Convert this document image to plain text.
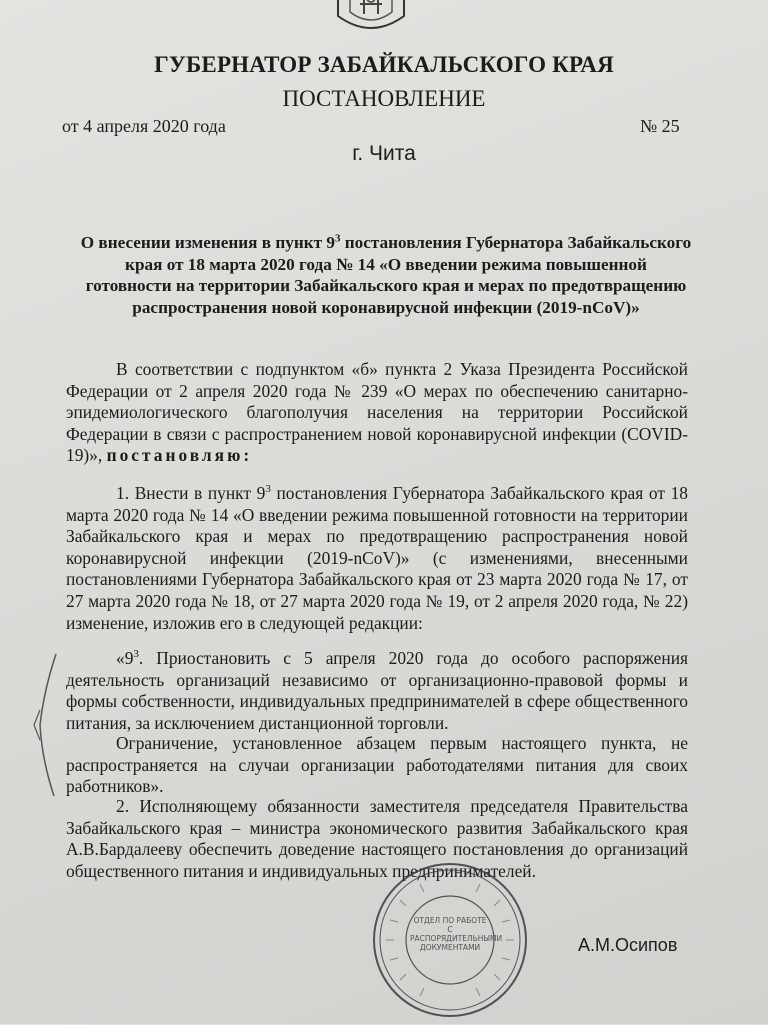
ГУБЕРНАТОР ЗАБАЙКАЛЬСКОГО КРАЯ
ПОСТАНОВЛЕНИЕ
от 4 апреля 2020 года	№ 25
г. Чита
О внесении изменения в пункт $9^3$ постановления Губернатора Забайкальского края от 18 марта 2020 года № 14 «О введении режима повышенной готовности на территории Забайкальского края и мерах по предотвращению распространения новой коронавирусной инфекции (2019-nCoV)»
В соответствии с подпунктом «б» пункта 2 Указа Президента Российской Федерации от 2 апреля 2020 года № 239 «О мерах по обеспечению санитарно-эпидемиологического благополучия населения на территории Российской Федерации в связи с распространением новой коронавирусной инфекции (COVID-19)», постановляю:
1. Внести в пункт $9^3$ постановления Губернатора Забайкальского края от 18 марта 2020 года № 14 «О введении режима повышенной готовности на территории Забайкальского края и мерах по предотвращению распространения новой коронавирусной инфекции (2019-nCoV)» (с изменениями, внесенными постановлениями Губернатора Забайкальского края от 23 марта 2020 года № 17, от 27 марта 2020 года № 18, от 27 марта 2020 года № 19, от 2 апреля 2020 года, № 22) изменение, изложив его в следующей редакции:
«$9^3$. Приостановить с 5 апреля 2020 года до особого распоряжения деятельность организаций независимо от организационно-правовой формы и формы собственности, индивидуальных предпринимателей в сфере общественного питания, за исключением дистанционной торговли.
Ограничение, установленное абзацем первым настоящего пункта, не распространяется на случаи организации работодателями питания для своих работников».
2. Исполняющему обязанности заместителя председателя Правительства Забайкальского края – министра экономического развития Забайкальского края А.В.Бардалееву обеспечить доведение настоящего постановления до организаций общественного питания и индивидуальных предпринимателей.
ОТДЕЛ ПО РАБОТЕ С РАСПОРЯДИТЕЛЬНЫМИ ДОКУМЕНТАМИ	А.М.Осипов
